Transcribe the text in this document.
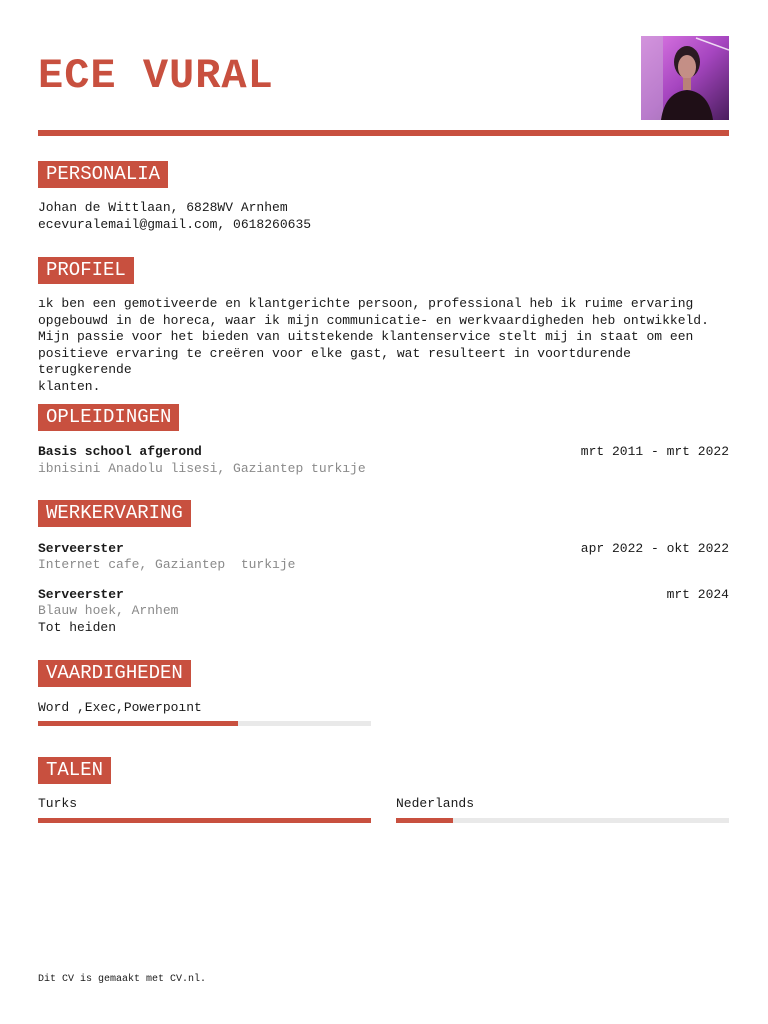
ECE VURAL
PERSONALIA

Johan de Wittlaan, 6828WV Arnhem

ecevuralemail@gmail.com, 0618260635

PROFIEL

ık ben een gemotiveerde en klantgerichte persoon, professional heb ik ruime ervaring
opgebouwd in de horeca, waar ik mijn communicatie- en werkvaardigheden heb ontwikkeld.
Mijn passie voor het bieden van uitstekende klantenservice stelt mij in staat om een
positieve ervaring te creëren voor elke gast, wat resulteert in voortdurende terugkerende
klanten.

OPLEIDINGEN

Basis school afgerond	mrt 2011 - mrt 2022

ibnisini Anadolu lisesi, Gaziantep turkıje

WERKERVARING

Serveerster	apr 2022 - okt 2022

Internet cafe, Gaziantep  turkıje

Serveerster	mrt 2024

Blauw hoek, Arnhem

Tot heiden

VAARDIGHEDEN

Word ,Exec,Powerpoınt

TALEN

Turks	Nederlands

Dit CV is gemaakt met CV.nl.
